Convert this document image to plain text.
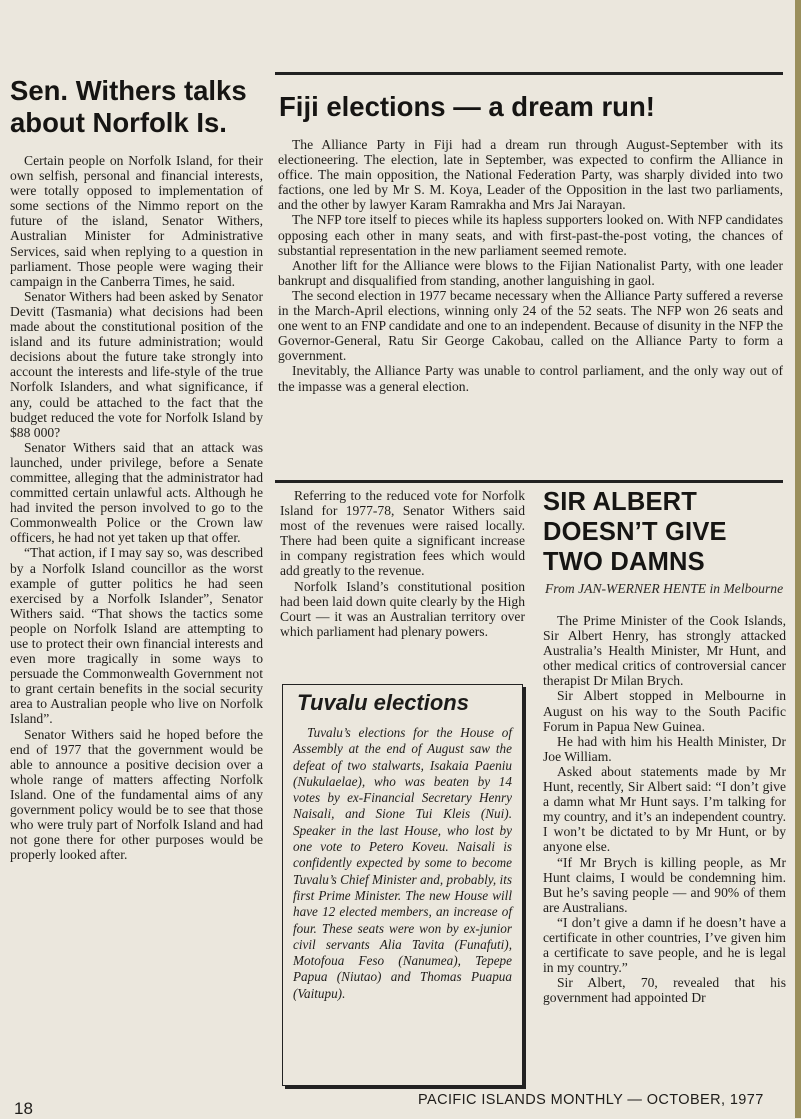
Sen. Withers talks about Norfolk Is.

Certain people on Norfolk Island, for their own selfish, personal and financial interests, were totally opposed to implementation of some sections of the Nimmo report on the future of the island, Senator Withers, Australian Minister for Administrative Services, said when replying to a question in parliament. Those people were waging their campaign in the Canberra Times, he said.

Senator Withers had been asked by Senator Devitt (Tasmania) what decisions had been made about the constitutional position of the island and its future administration; would decisions about the future take strongly into account the interests and life-style of the true Norfolk Islanders, and what significance, if any, could be attached to the fact that the budget reduced the vote for Norfolk Island by $88 000?

Senator Withers said that an attack was launched, under privilege, before a Senate committee, alleging that the administrator had committed certain unlawful acts. Although he had invited the person involved to go to the Commonwealth Police or the Crown law officers, he had not yet taken up that offer.

“That action, if I may say so, was described by a Norfolk Island councillor as the worst example of gutter politics he had seen exercised by a Norfolk Islander”, Senator Withers said. “That shows the tactics some people on Norfolk Island are attempting to use to protect their own financial interests and even more tragically in some ways to persuade the Commonwealth Government not to grant certain benefits in the social security area to Australian people who live on Norfolk Island”.

Senator Withers said he hoped before the end of 1977 that the government would be able to announce a positive decision over a whole range of matters affecting Norfolk Island. One of the fundamental aims of any government policy would be to see that those who were truly part of Norfolk Island and had not gone there for other purposes would be properly looked after.

Fiji elections — a dream run!

The Alliance Party in Fiji had a dream run through August-September with its electioneering. The election, late in September, was expected to confirm the Alliance in office. The main opposition, the National Federation Party, was sharply divided into two factions, one led by Mr S. M. Koya, Leader of the Opposition in the last two parliaments, and the other by lawyer Karam Ramrakha and Mrs Jai Narayan.

The NFP tore itself to pieces while its hapless supporters looked on. With NFP candidates opposing each other in many seats, and with first-past-the-post voting, the chances of substantial representation in the new parliament seemed remote.

Another lift for the Alliance were blows to the Fijian Nationalist Party, with one leader bankrupt and disqualified from standing, another languishing in gaol.

The second election in 1977 became necessary when the Alliance Party suffered a reverse in the March-April elections, winning only 24 of the 52 seats. The NFP won 26 seats and one went to an FNP candidate and one to an independent. Because of disunity in the NFP the Governor-General, Ratu Sir George Cakobau, called on the Alliance Party to form a government.

Inevitably, the Alliance Party was unable to control parliament, and the only way out of the impasse was a general election.

Referring to the reduced vote for Norfolk Island for 1977-78, Senator Withers said most of the revenues were raised locally. There had been quite a significant increase in company registration fees which would add greatly to the revenue.

Norfolk Island’s constitutional position had been laid down quite clearly by the High Court — it was an Australian territory over which parliament had plenary powers.

Tuvalu elections

Tuvalu’s elections for the House of Assembly at the end of August saw the defeat of two stalwarts, Isakaia Paeniu (Nukulaelae), who was beaten by 14 votes by ex-Financial Secretary Henry Naisali, and Sione Tui Kleis (Nui). Speaker in the last House, who lost by one vote to Petero Koveu. Naisali is confidently expected by some to become Tuvalu’s Chief Minister and, probably, its first Prime Minister. The new House will have 12 elected members, an increase of four. These seats were won by ex-junior civil servants Alia Tavita (Funafuti), Motofoua Feso (Nanumea), Tepepe Papua (Niutao) and Thomas Puapua (Vaitupu).

SIR ALBERT DOESN’T GIVE TWO DAMNS
From JAN-WERNER HENTE in Melbourne

The Prime Minister of the Cook Islands, Sir Albert Henry, has strongly attacked Australia’s Health Minister, Mr Hunt, and other medical critics of controversial cancer therapist Dr Milan Brych.

Sir Albert stopped in Melbourne in August on his way to the South Pacific Forum in Papua New Guinea.

He had with him his Health Minister, Dr Joe William.

Asked about statements made by Mr Hunt, recently, Sir Albert said: “I don’t give a damn what Mr Hunt says. I’m talking for my country, and it’s an independent country. I won’t be dictated to by Mr Hunt, or by anyone else.

“If Mr Brych is killing people, as Mr Hunt claims, I would be condemning him. But he’s saving people — and 90% of them are Australians.

“I don’t give a damn if he doesn’t have a certificate in other countries, I’ve given him a certificate to save people, and he is legal in my country.”

Sir Albert, 70, revealed that his government had appointed Dr

18	PACIFIC ISLANDS MONTHLY — OCTOBER, 1977
